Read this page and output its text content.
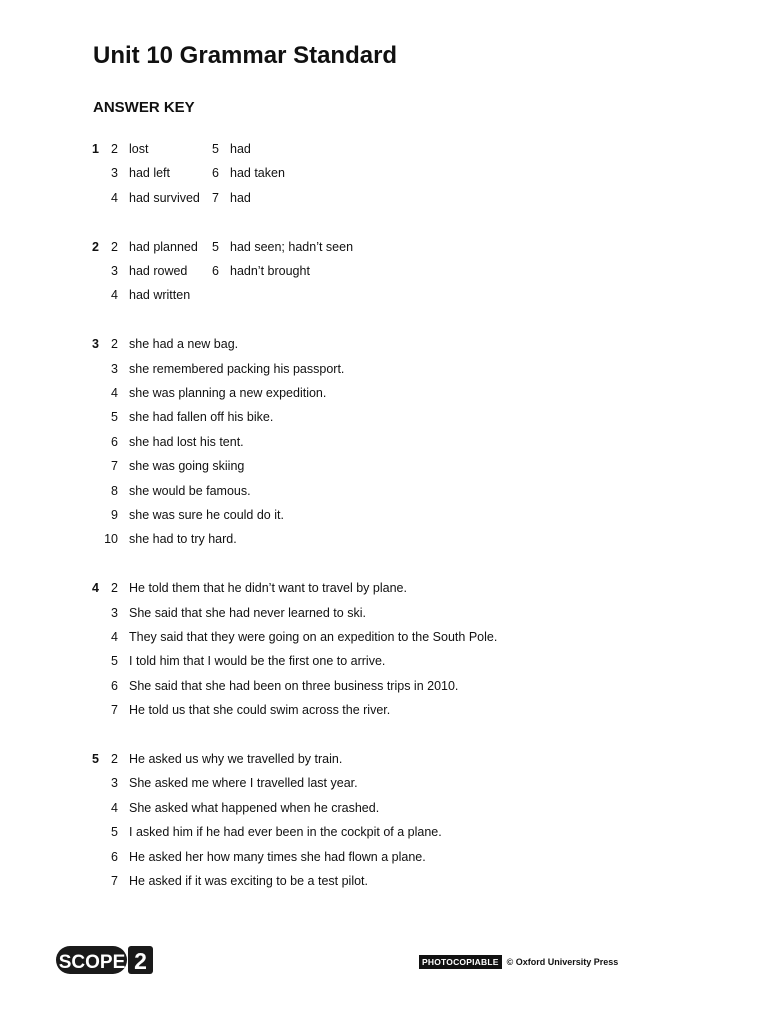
Unit 10 Grammar Standard
ANSWER KEY
1 2 lost	5 had
3 had left	6 had taken
4 had survived 7 had
2 2 had planned	5 had seen; hadn’t seen
3 had rowed	6 hadn’t brought
4 had written
3 2 she had a new bag.
3 she remembered packing his passport.
4 she was planning a new expedition.
5 she had fallen off his bike.
6 she had lost his tent.
7 she was going skiing
8 she would be famous.
9 she was sure he could do it.
10 she had to try hard.
4 2 He told them that he didn’t want to travel by plane.
3 She said that she had never learned to ski.
4 They said that they were going on an expedition to the South Pole.
5 I told him that I would be the first one to arrive.
6 She said that she had been on three business trips in 2010.
7 He told us that she could swim across the river.
5 2 He asked us why we travelled by train.
3 She asked me where I travelled last year.
4 She asked what happened when he crashed.
5 I asked him if he had ever been in the cockpit of a plane.
6 He asked her how many times she had flown a plane.
7 He asked if it was exciting to be a test pilot.
SCOPE 2	PHOTOCOPIABLE © Oxford University Press
